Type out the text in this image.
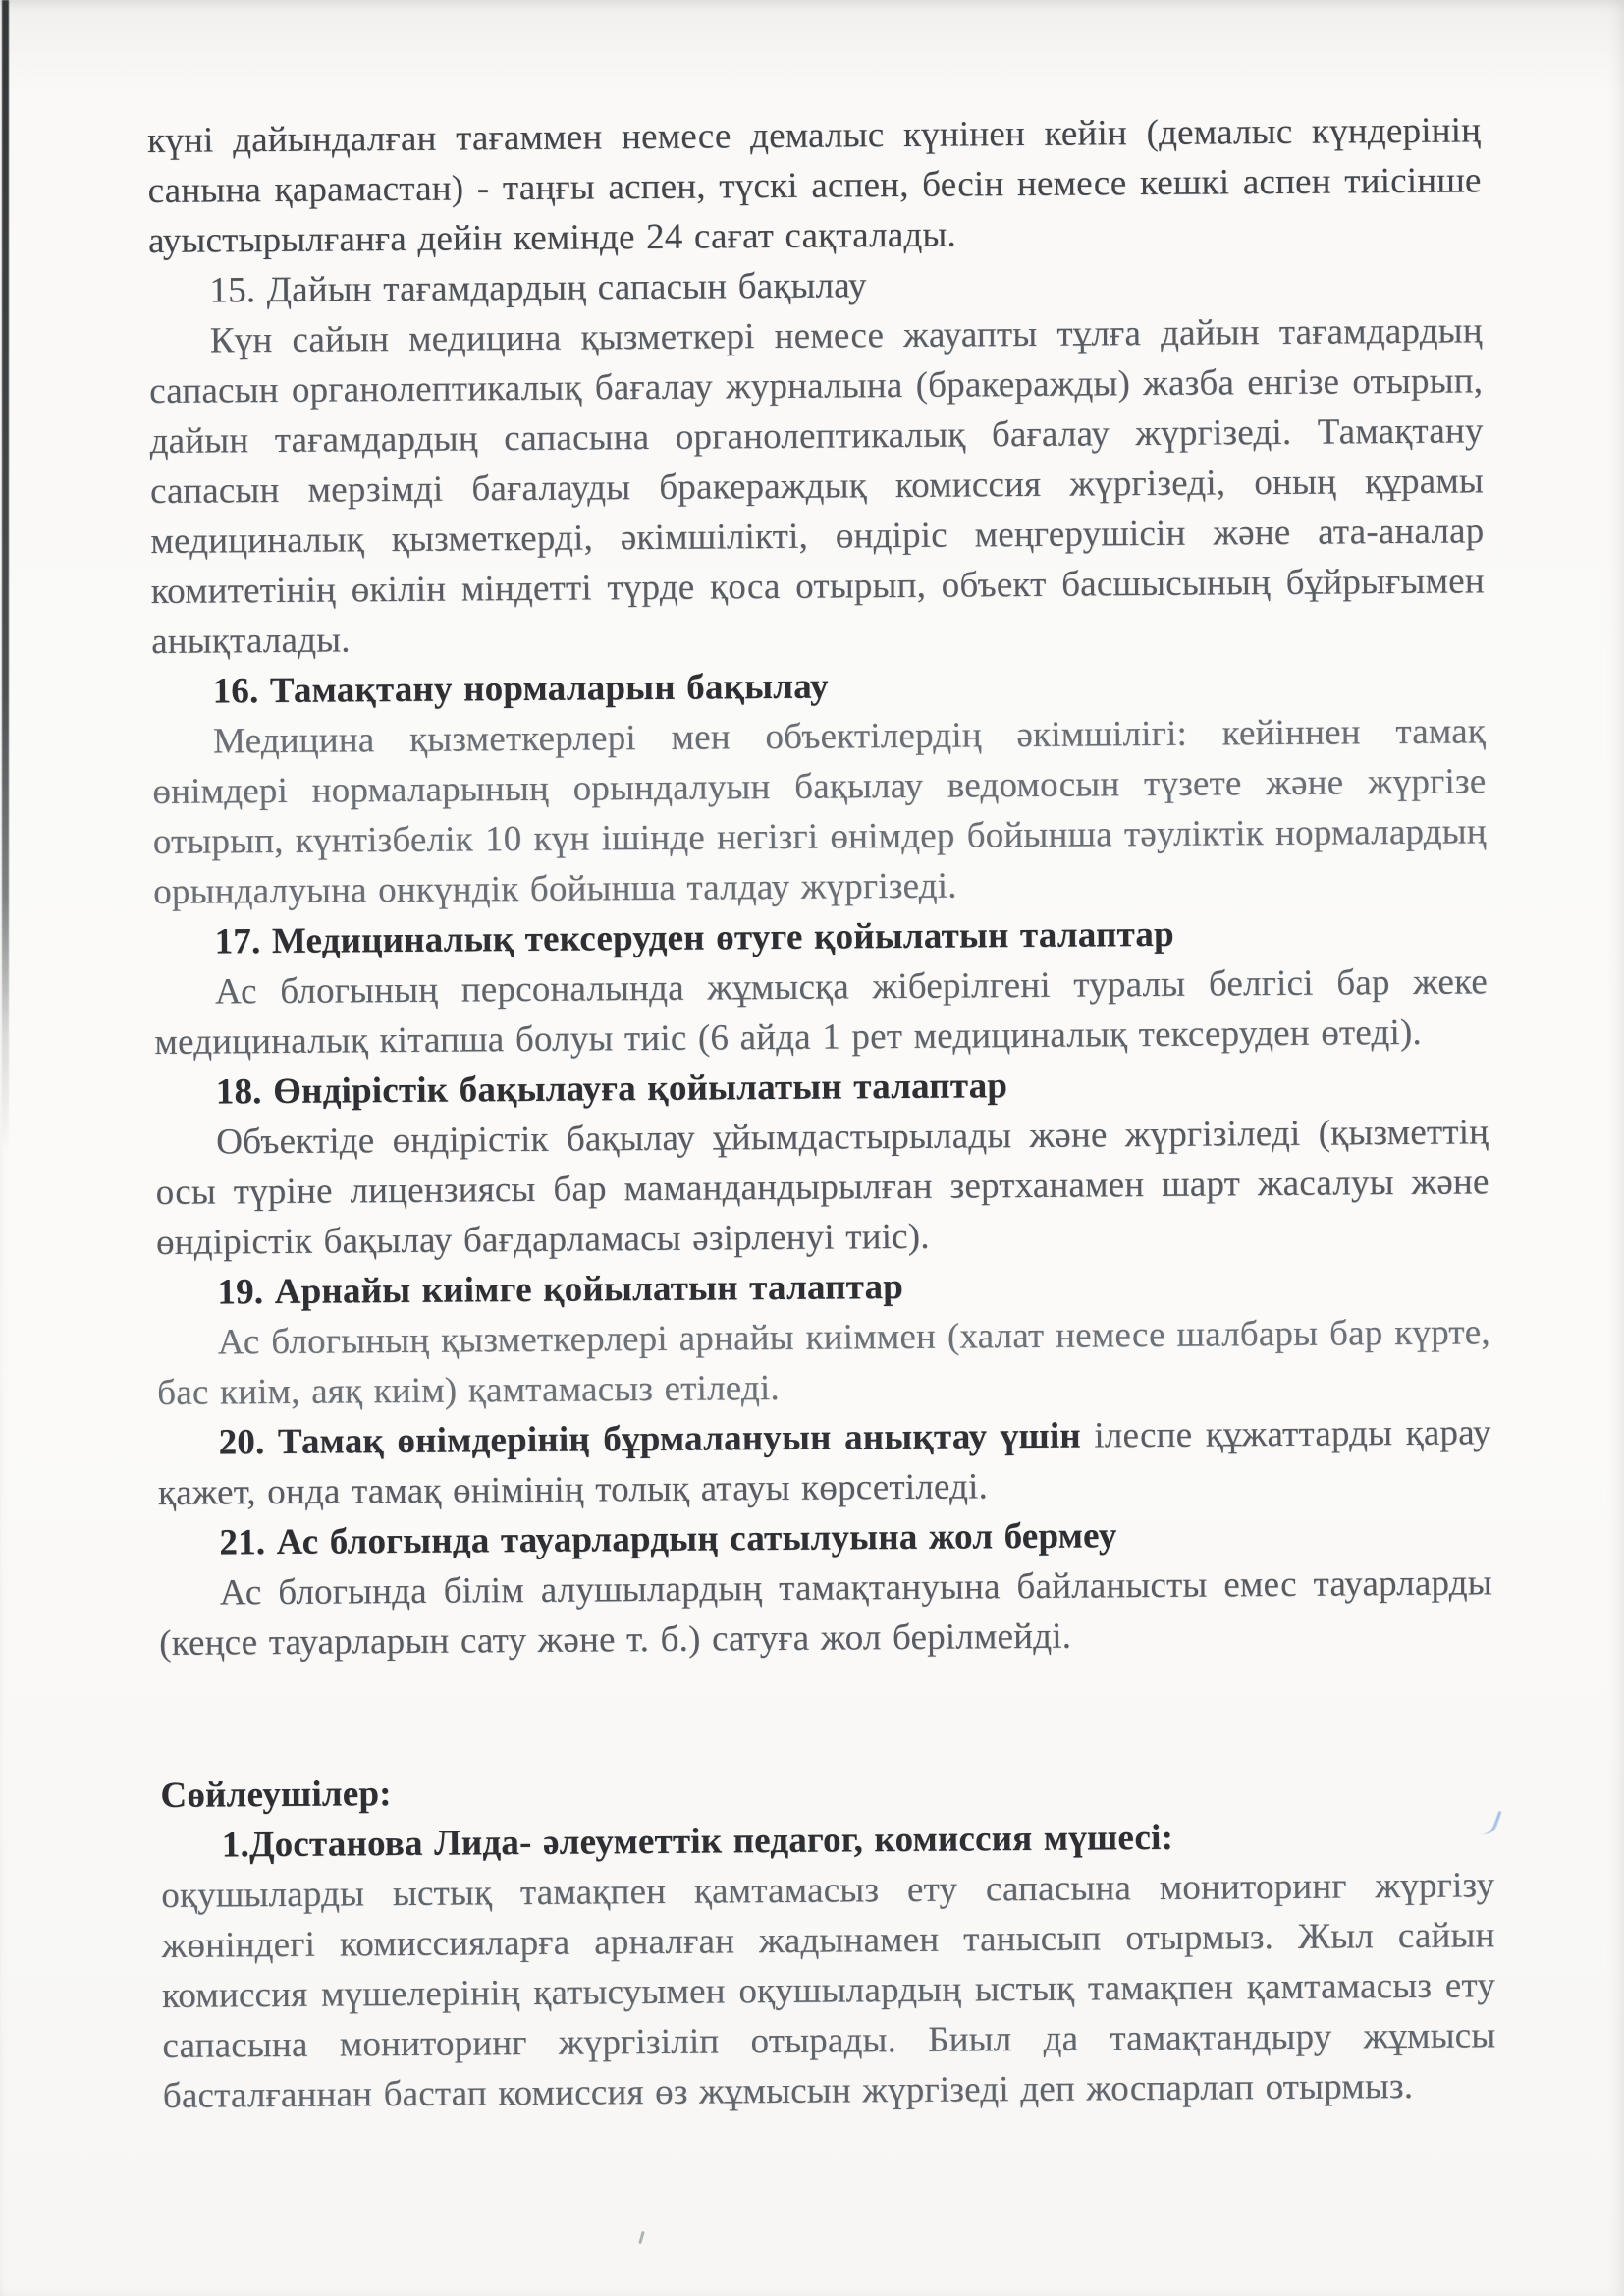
күні дайындалған тағаммен немесе демалыс күнінен кейін (демалыс күндерінің санына қарамастан) - таңғы аспен, түскі аспен, бесін немесе кешкі аспен тиісінше ауыстырылғанға дейін кемінде 24 сағат сақталады.

15. Дайын тағамдардың сапасын бақылау

Күн сайын медицина қызметкері немесе жауапты тұлға дайын тағамдардың сапасын органолептикалық бағалау журналына (бракеражды) жазба енгізе отырып, дайын тағамдардың сапасына органолептикалық бағалау жүргізеді. Тамақтану сапасын мерзімді бағалауды бракераждық комиссия жүргізеді, оның құрамы медициналық қызметкерді, әкімшілікті, өндіріс меңгерушісін және ата-аналар комитетінің өкілін міндетті түрде қоса отырып, объект басшысының бұйрығымен анықталады.

16. Тамақтану нормаларын бақылау

Медицина қызметкерлері мен объектілердің әкімшілігі: кейіннен тамақ өнімдері нормаларының орындалуын бақылау ведомосын түзете және жүргізе отырып, күнтізбелік 10 күн ішінде негізгі өнімдер бойынша тәуліктік нормалардың орындалуына онкүндік бойынша талдау жүргізеді.

17. Медициналық тексеруден өтуге қойылатын талаптар

Ас блогының персоналында жұмысқа жіберілгені туралы белгісі бар жеке медициналық кітапша болуы тиіс (6 айда 1 рет медициналық тексеруден өтеді).

18. Өндірістік бақылауға қойылатын талаптар

Объектіде өндірістік бақылау ұйымдастырылады және жүргізіледі (қызметтің осы түріне лицензиясы бар мамандандырылған зертханамен шарт жасалуы және өндірістік бақылау бағдарламасы әзірленуі тиіс).

19. Арнайы киімге қойылатын талаптар

Ас блогының қызметкерлері арнайы киіммен (халат немесе шалбары бар күрте, бас киім, аяқ киім) қамтамасыз етіледі.

20. Тамақ өнімдерінің бұрмалануын анықтау үшін ілеспе құжаттарды қарау қажет, онда тамақ өнімінің толық атауы көрсетіледі.

21. Ас блогында тауарлардың сатылуына жол бермеу

Ас блогында білім алушылардың тамақтануына байланысты емес тауарларды (кеңсе тауарларын сату және т. б.) сатуға жол берілмейді.

Сөйлеушілер:

1.Достанова Лида- әлеуметтік педагог, комиссия мүшесі:

оқушыларды ыстық тамақпен қамтамасыз ету сапасына мониторинг жүргізу жөніндегі комиссияларға арналған жадынамен танысып отырмыз. Жыл сайын комиссия мүшелерінің қатысуымен оқушылардың ыстық тамақпен қамтамасыз ету сапасына мониторинг жүргізіліп отырады. Биыл да тамақтандыру жұмысы басталғаннан бастап комиссия өз жұмысын жүргізеді деп жоспарлап отырмыз.
